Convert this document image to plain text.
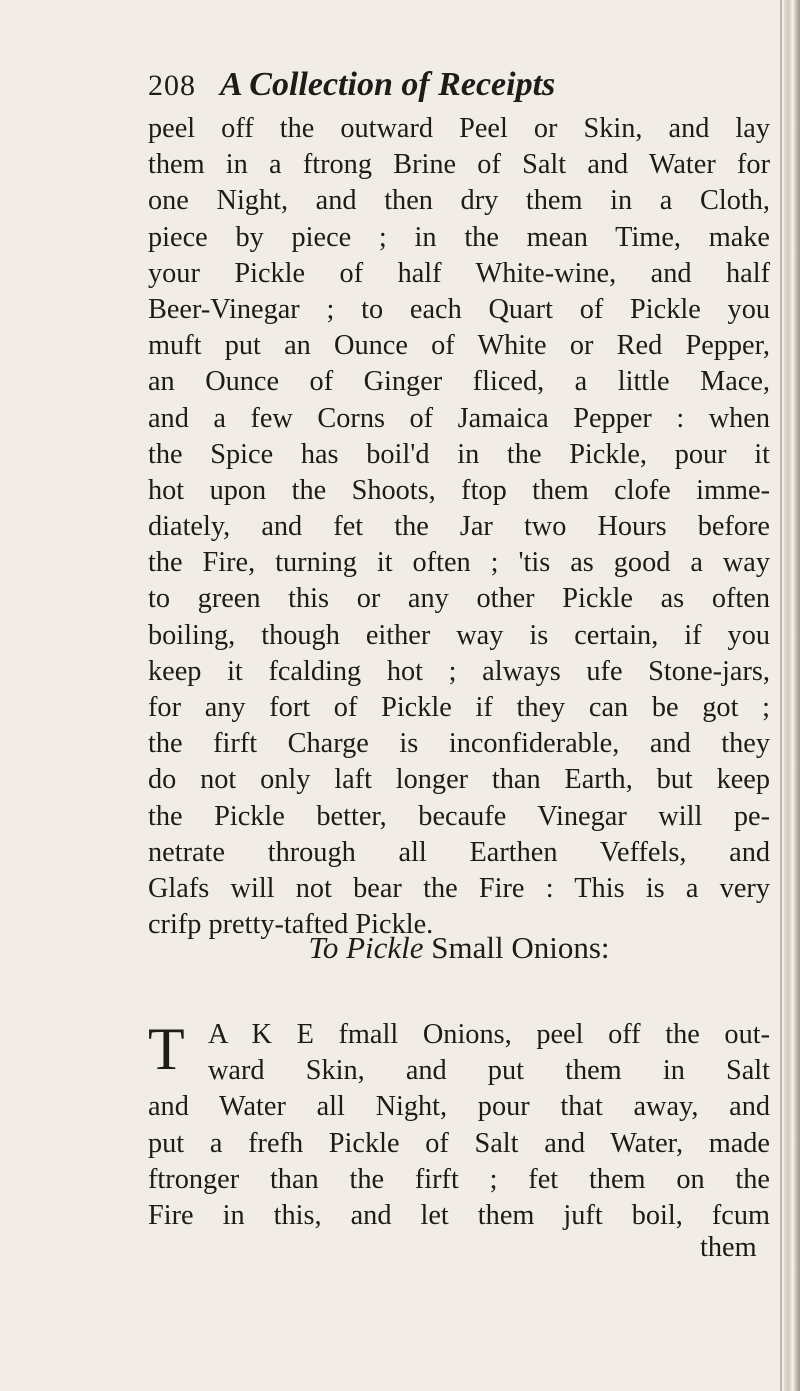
208 A Collection of Receipts
peel off the outward Peel or Skin, and lay
them in a ftrong Brine of Salt and Water for
one Night, and then dry them in a Cloth,
piece by piece ; in the mean Time, make
your Pickle of half White-wine, and half
Beer-Vinegar ; to each Quart of Pickle you
muft put an Ounce of White or Red Pepper,
an Ounce of Ginger fliced, a little Mace,
and a few Corns of Jamaica Pepper : when
the Spice has boil'd in the Pickle, pour it
hot upon the Shoots, ftop them clofe imme-
diately, and fet the Jar two Hours before
the Fire, turning it often ; 'tis as good a way
to green this or any other Pickle as often
boiling, though either way is certain, if you
keep it fcalding hot ; always ufe Stone-jars,
for any fort of Pickle if they can be got ;
the firft Charge is inconfiderable, and they
do not only laft longer than Earth, but keep
the Pickle better, becaufe Vinegar will pe-
netrate through all Earthen Veffels, and
Glafs will not bear the Fire : This is a very
crifp pretty-tafted Pickle.
To Pickle Small Onions:
T A K E fmall Onions, peel off the out-
ward Skin, and put them in Salt
and Water all Night, pour that away, and
put a frefh Pickle of Salt and Water, made
ftronger than the firft ; fet them on the
Fire in this, and let them juft boil, fcum
them
